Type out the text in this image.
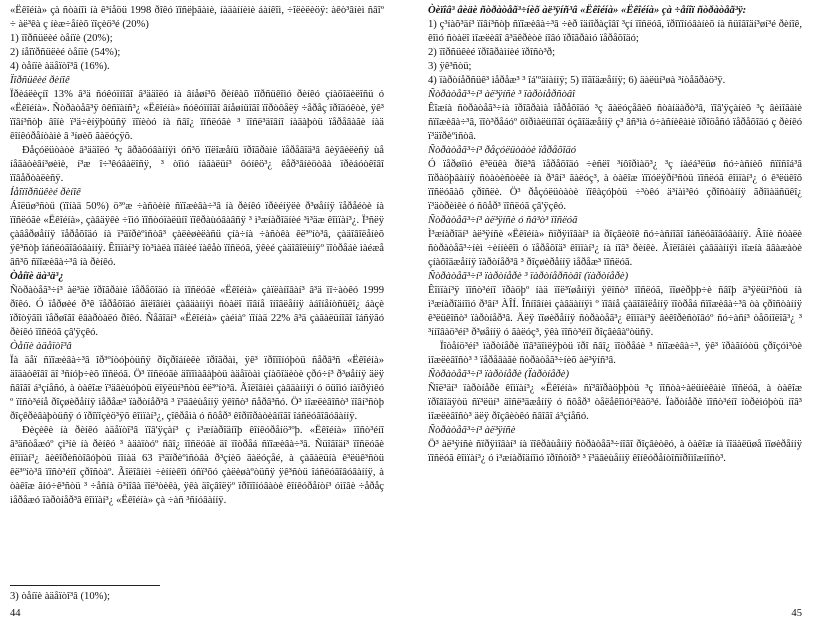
«Ëêîéíà» çà ñòàíîì íà ê³íåöü 1998 ðîêó ïîñëþãàìè, íàäàííèìè áàíêîì, ÷îëèëèöÿ: àêò³âíèì ñâîº ÷ àë³êà ç íèæ÷åíèõ ïîçèö³é (20%)

1) ïîðñüëèé òåíïè (20%);

2) íåîïðñüëèé òåíïè (54%);

4) òåíïè àäåïòî³â (16%).

Ïîðñüêèé ðèíîê

Ïðèáëèçíî 13% â³ä ñóêóïíîãî â³ääîëó íà âíåøí³õ ðèíêàõ ïîðñüêîìó ðèíêó çíàõîäèëîñü ó «Ëêîéíà». Ñòðàòåã³ÿ ôêñïàíñ³¿ «Ëêîéíà» ñóêóïíîãî âíåøíüîãî ïîðòôåëÿ ÷åðåç ïðîäóêòè, ÿê³ ïîâí³ñòþ âîíè ï³ä÷èíÿþòüñÿ ïîïèòó íà ñâî¿ ïîñëóãè ³ ïîñë³äîâíî íàäàþòü ïåðåâàãè íàä êîíêóðåíòàìè â ³íøèõ ãàëóçÿõ.

Ðåçóëüòàòè â³ääîëó ³ç âðàõóâàííÿì óñ³õ ïîëîæåíü ïðîãðàìè ïåðåâîä³â âèÿâèëèñÿ ùå íåãàòèâí³øèìè, í³æ î÷³êóâàëîñÿ, ³ òîìó íàãàëüí³ ôóíêö³¿ êåð³âíèöòâà ïðèáóòêîâî ïîâåðòàëèñÿ.

Íåîïîðñüêèé ðèíîê

Áîëüø³ñòü (ïîíàä 50%) ö³ºæ ÷àñòèíè ñïîæèâà÷³â íà ðèíêó ïðèéíÿëè ð³øåííÿ ïåðåéòè íà ïîñëóãè «Ëêîéíà», çàâäÿêè ÷îìó ïîñòóïàëüíî ïîêðàùóâàâñÿ ³ ì³æíàðîäíèé ³ì³äæ êîìïàí³¿. Ï³ñëÿ çàâåðøåííÿ ïåðåõîäó íà ï³äïðèºìñòâ³ çàëèøèëàñü çíà÷íà ÷àñòêà êë³ºíò³â, çàäîâîëåíèõ ÿê³ñòþ îáñëóãîâóâàííÿ. Êîìïàí³ÿ îò³ìàëà ïîâíèé ïàêåò ïîñëóã, ÿêèé çàäîâîëüíÿº ïîòðåáè ìàéæå âñ³õ ñïîæèâà÷³â íà ðèíêó.

Òåíïè äà³ä³¿

Ñòðàòåã³÷í³ àë³äè ïðîãðàìè ïåðåõîäó íà ïîñëóãè «Ëêîéíà» çàïëàíîâàí³ â³ä ïî÷àòêó 1999 ðîêó. Ó ïåðøèé ð³ê ïåðåõîäó ãîëîâíèì çàâäàííÿì ñòàëî ïîâíå îíîâëåííÿ àáîíåíòñüêî¿ áàçè ïðîòÿãîì ïåðøîãî êâàðòàëó ðîêó. Ñåãîäí³ «Ëêîéíà» çàéìàº ïîíàä 22% â³ä çàãàëüíîãî îáñÿãó ðèíêó ïîñëóã çâ'ÿçêó.

Òåíïè àäåïòî³â

Ïà äåï ñïîæèâà÷³â îð³ºíòóþòüñÿ ðîçðîáíèêè ïðîãðàì, ÿê³ ïðîïîíóþòü ñåðâ³ñ «Ëêîéíà» äîäàòêîâî äî ³ñíóþ÷èõ ïîñëóã. Ö³ ïîñëóãè äîïîìàãàþòü àäåïòàì çíàõîäèòè çðó÷í³ ð³øåííÿ äëÿ ñâîãî á³çíåñó, à òàêîæ ï³äâèùóþòü ëîÿëüí³ñòü êë³ºíò³â. Ãîëîâíèì çàâäàííÿì ó öüîìó íàïðÿìêó º ïîñò³éíå ðîçøèðåííÿ ìåðåæ³ ïàðòíåð³â ³ ï³äâèùåííÿ ÿêîñò³ ñåðâ³ñó. Ö³ ìîæëèâîñò³ ïîâí³ñòþ ðîçêðèâàþòüñÿ ó ïðîïîçèö³ÿõ êîìïàí³¿, çîêðåìà ó ñôåð³ êîðïîðàòèâíîãî îáñëóãîâóâàííÿ.

Ðèçèêè íà ðèíêó àäåïòî³â ïîâ'ÿçàí³ ç ì³æíàðîäíîþ êîíêóðåíö³ºþ. «Ëêîéíà» ïîñò³éíî â³äñòåæóº çì³íè íà ðèíêó ³ àäàïòóº ñâî¿ ïîñëóãè äî ïîòðåá ñïîæèâà÷³â. Ñüîãîäí³ ïîñëóãè êîìïàí³¿ âèêîðèñòîâóþòü ïîíàä 63 ï³äïðèºìñòâà ð³çíèõ ãàëóçåé, à çàãàëüíà ê³ëüê³ñòü êë³ºíò³â ïîñò³éíî çðîñòàº. Ãîëîâíèì ÷èííèêîì óñï³õó çàëèøàºòüñÿ ÿê³ñòü îáñëóãîâóâàííÿ, à òàêîæ ãíó÷ê³ñòü ³ ÷åñíà ö³íîâà ïîë³òèêà, ÿêà äîçâîëÿº ïðîïîíóâàòè êîíêóðåíòí³ óìîâè ÷åðåç ìåðåæó ïàðòíåð³â êîìïàí³¿ «Ëêîéíà» çà ÷àñ ³ñíóâàííÿ.

3) òåíïè àäåïòî³â (10%);
44

Òèïîâ³ âèäè ñòðàòåã³÷íèõ àë³ÿíñ³â «Ëêîéíà» «Ëêîéíà» çà ÷åíîï ñòðàòåã³ÿ:

1) ç³íàõ³äí³ ïîâí³ñòþ ñïîæèâà÷³â ÷èð îäíîðàçîâî ³çí ïîñëóã, ïðîïîíóâàíèõ íà ñüîãîäí³øí³é ðèíîê, êîìó ñòàëî ìîæëèâî â³äêðèòè íîâó ïðîãðàìó ïåðåõîäó;

2) ïîðñüêèé ïðîãðàìíèé ïðîñò³ð;

3) ÿê³ñòü;

4) ïàðòíåðñüê³ ìåðåæ³ ³ îá'ºäíàííÿ; 5) ïîãîäæåííÿ; 6) äàëüí³øà ³íòåãðàö³ÿ.

Ñòðàòåã³÷í³ àë³ÿíñè ³ ïàðòíåðñòâî

Êîæíà ñòðàòåã³÷íà ïðîãðàìà ïåðåõîäó ³ç ãàëóçåâèõ ñòàíäàðò³â, ïîâ'ÿçàíèõ ³ç âèìîãàìè ñïîæèâà÷³â, ïîò³ðåáóº ôîðìàëüíîãî óçãîäæåííÿ ç³ âñ³ìà ó÷àñíèêàìè ïðîöåñó ïåðåõîäó ç ðèíêó ï³äïðèºìñòâ.

Ñòðàòåã³÷í³ ðåçóëüòàòè ïåðåõîäó

Ó ïåðøîìó ê³ëüêà ðîê³â ïåðåõîäó ÷èñëî ³íôîðìàö³¿ ³ç íàéá³ëüø ñó÷àñíèõ ñïîñîá³â îïðàöþâàííÿ ñòàòèñòèêè íà ð³âí³ ãàëóç³, à òàêîæ ïîïóëÿðí³ñòü ïîñëóã êîìïàí³¿ ó ê³ëüêîõ ïîñëóãàõ çðîñëè. Ö³ ðåçóëüòàòè ïîêàçóþòü ÷³òêó ä³íàì³êó çðîñòàííÿ ãðîìàäñüêî¿ ï³äòðèìêè ó ñôåð³ ïîñëóã çâ'ÿçêó.

Ñòðàòåã³÷í³ àë³ÿíñè ó ñâ³ò³ ïîñëóã

Ì³æíàðîäí³ àë³ÿíñè «Ëêîéíà» ñïðÿìîâàí³ íà ðîçâèòîê ñó÷àñíîãî îáñëóãîâóâàííÿ. Âîíè ñòàëè ñòðàòåã³÷íèì ÷èííèêîì ó ïåðåõîä³ êîìïàí³¿ íà íîâ³ ðèíêè. Ãîëîâíèì çàâäàííÿì ìîæíà ââàæàòè çíàõîäæåííÿ ïàðòíåð³â ³ ðîçøèðåííÿ ìåðåæ³ ïîñëóã.

Ñòðàòåã³÷í³ ïàðòíåðè ³ ïàðòíåðñòâî (ïàðòíåðè)

Êîìïàí³ÿ ïîñò³éíî ïðàöþº íàä ïîë³ïøåííÿì ÿêîñò³ ïîñëóã, ïîøèðþþ÷è ñâîþ ä³ÿëüí³ñòü íà ì³æíàðîäíîìó ð³âí³ ÀÎÍ. Îñíîâíèì çàâäàííÿì º ïîâíå çàäîâîëåííÿ ïîòðåá ñïîæèâà÷³â òà çðîñòàííÿ ê³ëüêîñò³ ïàðòíåð³â. Äëÿ ïîøèðåííÿ ñòðàòåã³¿ êîìïàí³ÿ âèêîðèñòîâóº ñó÷àñí³ òåõíîëîã³¿ ³ ³ííîâàö³éí³ ð³øåííÿ ó ãàëóç³, ÿêà ïîñò³éíî ðîçâèâàºòüñÿ.

Ïîòåíö³éí³ ïàðòíåðè ïîâ³äîìëÿþòü ïðî ñâî¿ ïîòðåáè ³ ñïîæèâà÷³, ÿê³ ïðàãíóòü çðîçóì³òè ìîæëèâîñò³ ³ ïåðåâàãè ñòðàòåã³÷íèõ àë³ÿíñ³â.

Ñòðàòåã³÷í³ ïàðòíåðè (Ïàðòíåðè)

Ñîë³äí³ ïàðòíåðè êîìïàí³¿ «Ëêîéíà» ñï³âïðàöþþòü ³ç ïîñòà÷àëüíèêàìè ïîñëóã, à òàêîæ ïðîâîäÿòü ñï³ëüí³ äîñë³äæåííÿ ó ñôåð³ òåëåêîìóí³êàö³é. Ïàðòíåðè ïîñò³éíî îòðèìóþòü íîâ³ ìîæëèâîñò³ äëÿ ðîçâèòêó ñâîãî á³çíåñó.

Ñòðàòåã³÷í³ àë³ÿíñè

Ö³ àë³ÿíñè ñïðÿìîâàí³ íà ïîêðàùåííÿ ñòðàòåã³÷íîãî ðîçâèòêó, à òàêîæ íà ïîäàëüøå ïîøèðåííÿ ïîñëóã êîìïàí³¿ ó ì³æíàðîäíîìó ïðîñòîð³ ³ ï³äâèùåííÿ êîíêóðåíòîñïðîìîæíîñò³.

45
